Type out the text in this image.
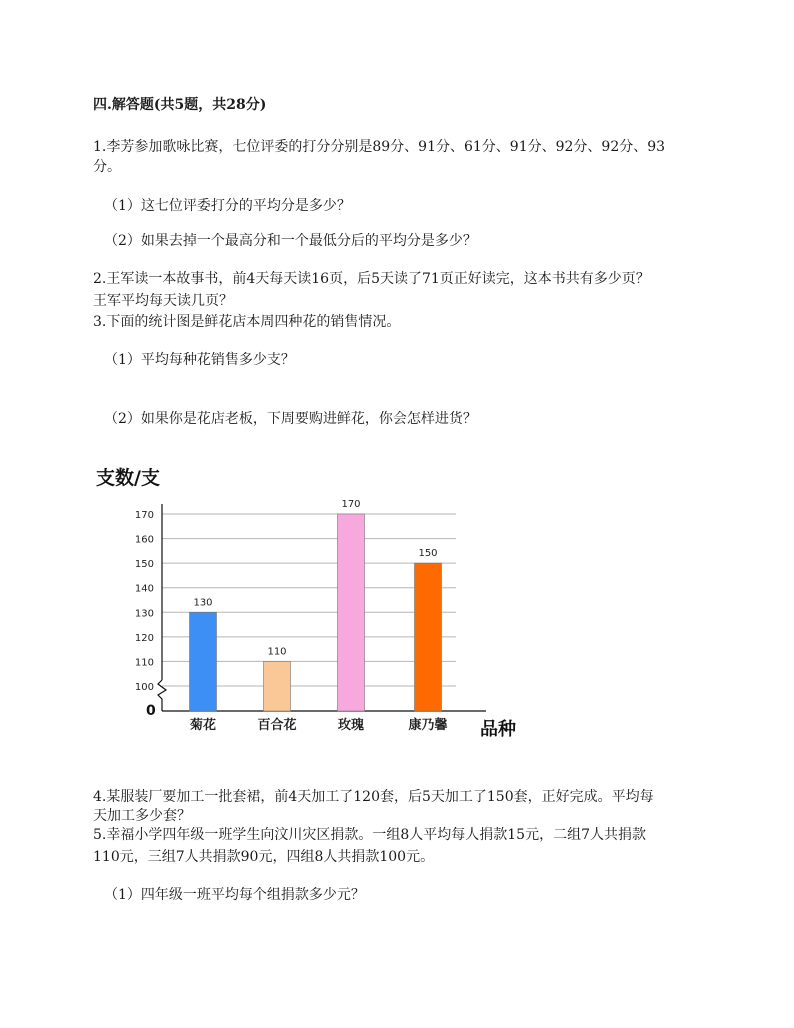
四.解答题(共5题，共28分)
1.李芳参加歌咏比赛，七位评委的打分分别是89分、91分、61分、91分、92分、92分、93
分。
（1）这七位评委打分的平均分是多少？
（2）如果去掉一个最高分和一个最低分后的平均分是多少？
2.王军读一本故事书，前4天每天读16页，后5天读了71页正好读完，这本书共有多少页？
王军平均每天读几页？
3.下面的统计图是鲜花店本周四种花的销售情况。
（1）平均每种花销售多少支？
（2）如果你是花店老板，下周要购进鲜花，你会怎样进货？
支数/支
品种
0
100
110
120
130
140
150
160
170
130
菊花
110
百合花
170
玫瑰
150
康乃馨
4.某服装厂要加工一批套裙，前4天加工了120套，后5天加工了150套，正好完成。平均每
天加工多少套？
5.幸福小学四年级一班学生向汶川灾区捐款。一组8人平均每人捐款15元，二组7人共捐款
110元，三组7人共捐款90元，四组8人共捐款100元。
（1）四年级一班平均每个组捐款多少元？
